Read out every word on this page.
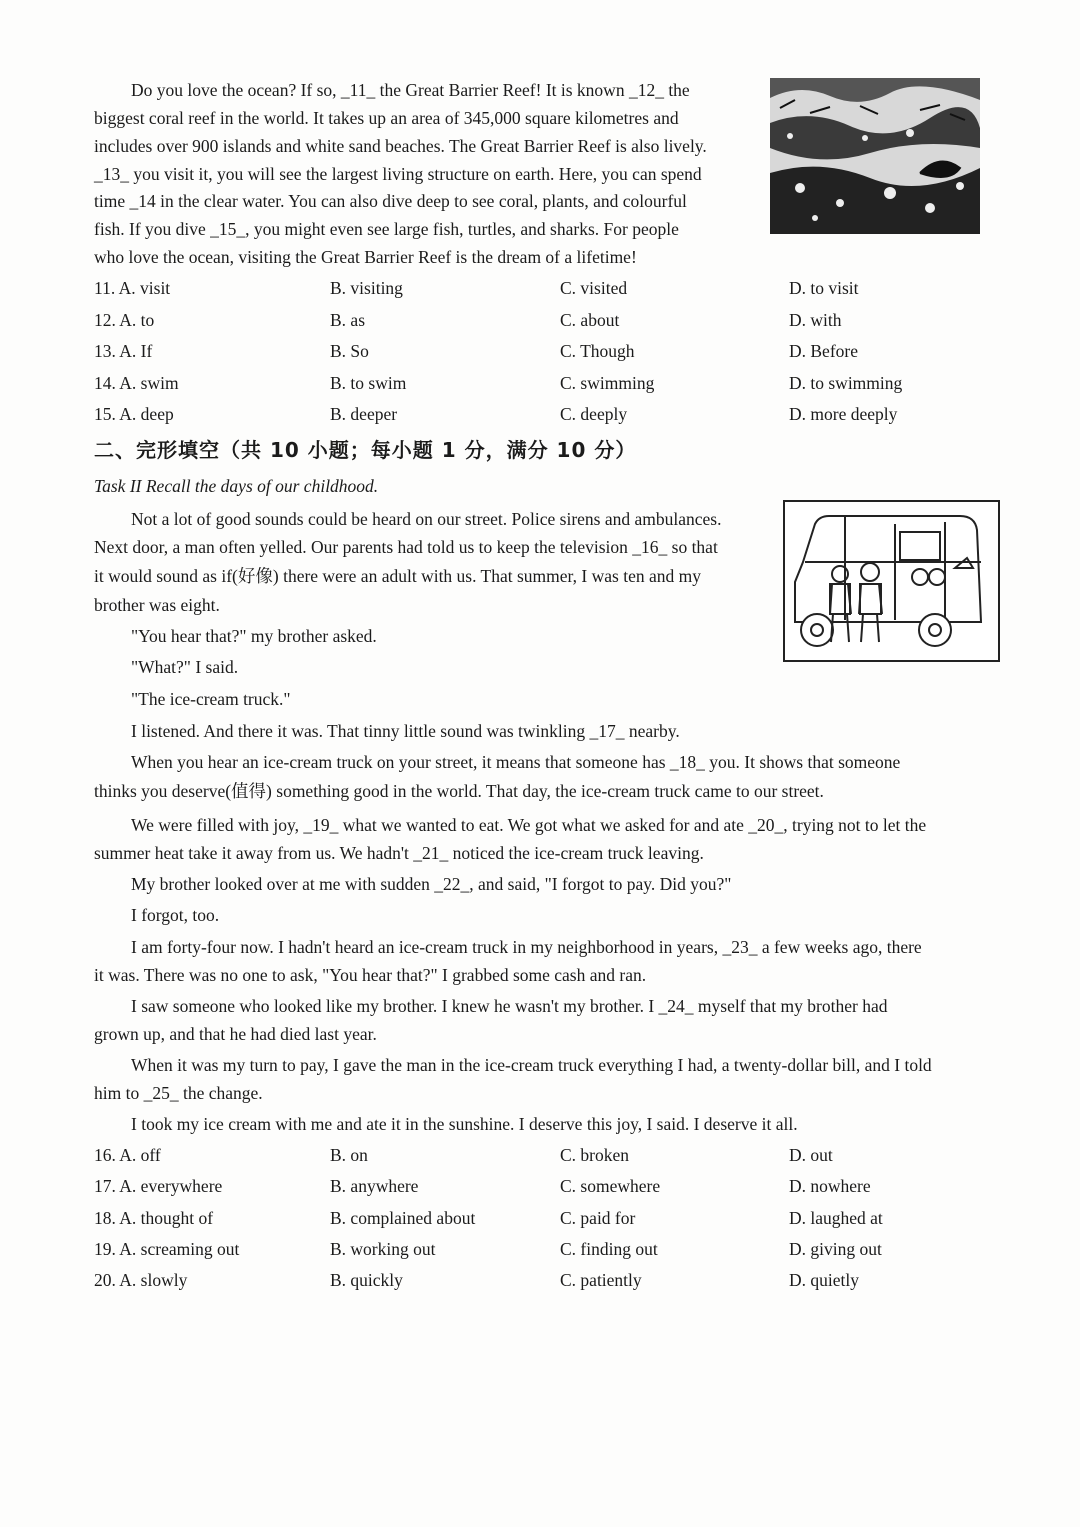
Do you love the ocean? If so, _11_ the Great Barrier Reef! It is known _12_ the
biggest coral reef in the world. It takes up an area of 345,000 square kilometres and
includes over 900 islands and white sand beaches. The Great Barrier Reef is also lively.
_13_ you visit it, you will see the largest living structure on earth. Here, you can spend
time _14 in the clear water. You can also dive deep to see coral, plants, and colourful
fish. If you dive _15_, you might even see large fish, turtles, and sharks. For people
who love the ocean, visiting the Great Barrier Reef is the dream of a lifetime!
11. A. visit	B. visiting	C. visited	D. to visit
12. A. to	B. as	C. about	D. with
13. A. If	B. So	C. Though	D. Before
14. A. swim	B. to swim	C. swimming	D. to swimming
15. A. deep	B. deeper	C. deeply	D. more deeply
二、完形填空（共 10 小题；每小题 1 分，满分 10 分）
Task II Recall the days of our childhood.
Not a lot of good sounds could be heard on our street. Police sirens and ambulances.
Next door, a man often yelled. Our parents had told us to keep the television _16_ so that
it would sound as if(好像) there were an adult with us. That summer, I was ten and my
brother was eight.
"You hear that?" my brother asked.
"What?" I said.
"The ice-cream truck."
I listened. And there it was. That tinny little sound was twinkling _17_ nearby.
When you hear an ice-cream truck on your street, it means that someone has _18_ you. It shows that someone
thinks you deserve(值得) something good in the world. That day, the ice-cream truck came to our street.
We were filled with joy, _19_ what we wanted to eat. We got what we asked for and ate _20_, trying not to let the
summer heat take it away from us. We hadn't _21_ noticed the ice-cream truck leaving.
My brother looked over at me with sudden _22_, and said, "I forgot to pay. Did you?"
I forgot, too.
I am forty-four now. I hadn't heard an ice-cream truck in my neighborhood in years, _23_ a few weeks ago, there
it was. There was no one to ask, "You hear that?" I grabbed some cash and ran.
I saw someone who looked like my brother. I knew he wasn't my brother. I _24_ myself that my brother had
grown up, and that he had died last year.
When it was my turn to pay, I gave the man in the ice-cream truck everything I had, a twenty-dollar bill, and I told
him to _25_ the change.
I took my ice cream with me and ate it in the sunshine. I deserve this joy, I said. I deserve it all.
16. A. off	B. on	C. broken	D. out
17. A. everywhere	B. anywhere	C. somewhere	D. nowhere
18. A. thought of	B. complained about	C. paid for	D. laughed at
19. A. screaming out	B. working out	C. finding out	D. giving out
20. A. slowly	B. quickly	C. patiently	D. quietly
